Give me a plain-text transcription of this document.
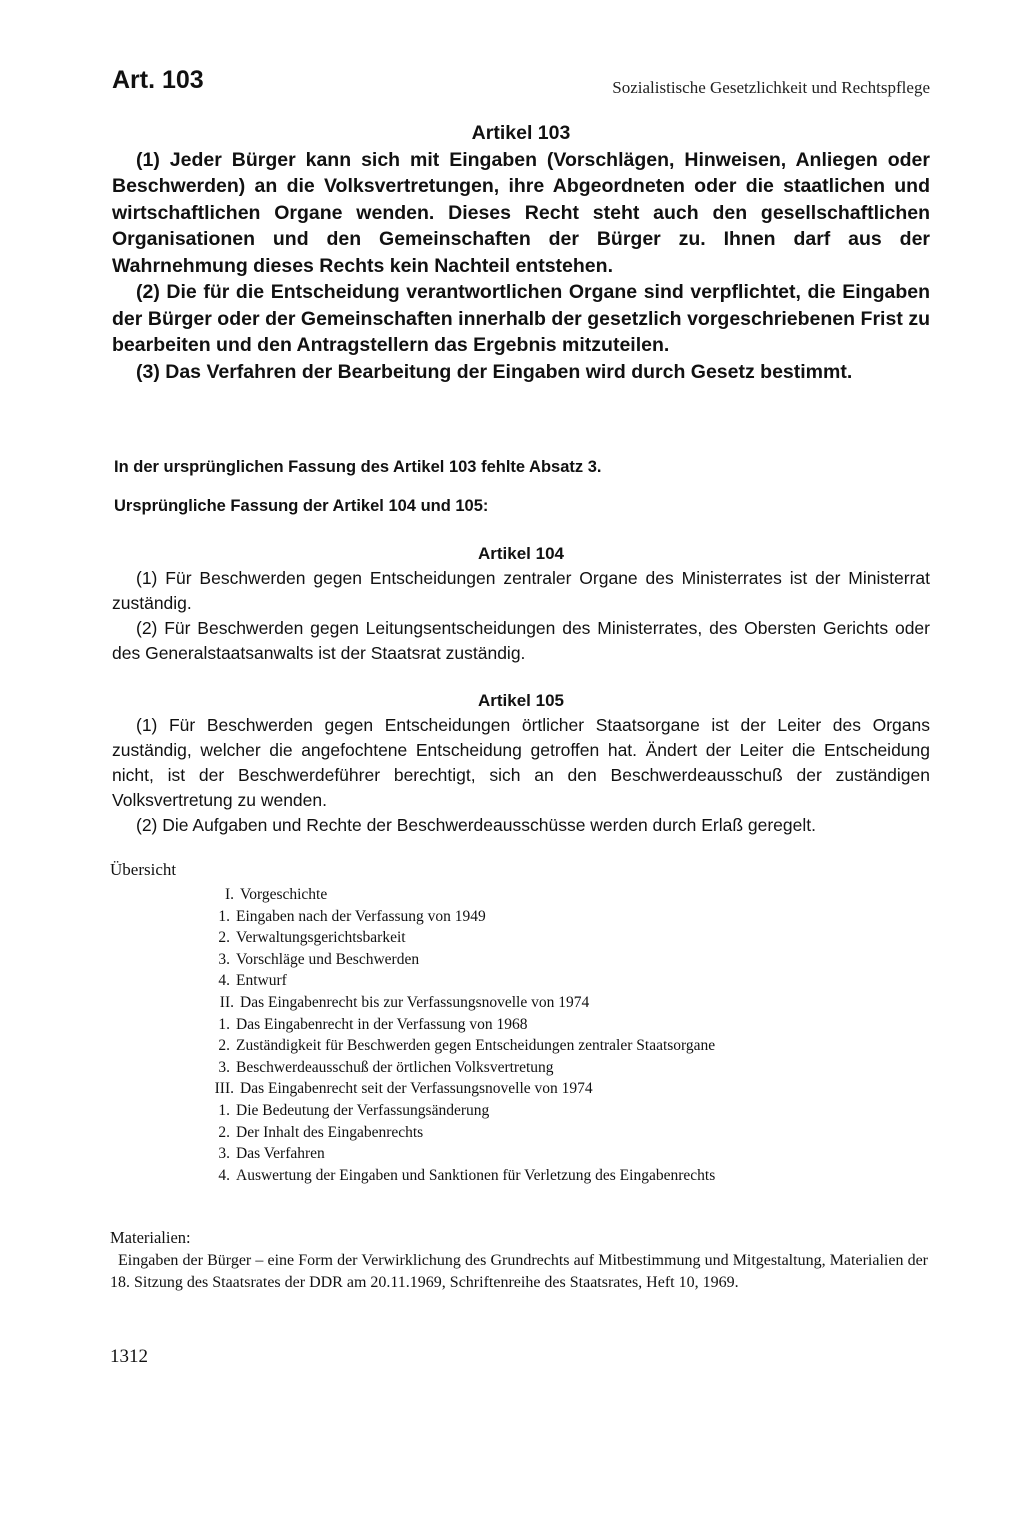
Art. 103	Sozialistische Gesetzlichkeit und Rechtspflege
Artikel 103

(1) Jeder Bürger kann sich mit Eingaben (Vorschlägen, Hinweisen, Anliegen oder Beschwerden) an die Volksvertretungen, ihre Abgeordneten oder die staatlichen und wirtschaftlichen Organe wenden. Dieses Recht steht auch den gesellschaftlichen Organisationen und den Gemeinschaften der Bürger zu. Ihnen darf aus der Wahrnehmung dieses Rechts kein Nachteil entstehen.

(2) Die für die Entscheidung verantwortlichen Organe sind verpflichtet, die Eingaben der Bürger oder der Gemeinschaften innerhalb der gesetzlich vorgeschriebenen Frist zu bearbeiten und den Antragstellern das Ergebnis mitzuteilen.

(3) Das Verfahren der Bearbeitung der Eingaben wird durch Gesetz bestimmt.

In der ursprünglichen Fassung des Artikel 103 fehlte Absatz 3.
Ursprüngliche Fassung der Artikel 104 und 105:
Artikel 104

(1) Für Beschwerden gegen Entscheidungen zentraler Organe des Ministerrates ist der Ministerrat zuständig.

(2) Für Beschwerden gegen Leitungsentscheidungen des Ministerrates, des Obersten Gerichts oder des Generalstaatsanwalts ist der Staatsrat zuständig.

Artikel 105

(1) Für Beschwerden gegen Entscheidungen örtlicher Staatsorgane ist der Leiter des Organs zuständig, welcher die angefochtene Entscheidung getroffen hat. Ändert der Leiter die Entscheidung nicht, ist der Beschwerdeführer berechtigt, sich an den Beschwerdeausschuß der zuständigen Volksvertretung zu wenden.

(2) Die Aufgaben und Rechte der Beschwerdeausschüsse werden durch Erlaß geregelt.

Übersicht
I. Vorgeschichte
1. Eingaben nach der Verfassung von 1949
2. Verwaltungsgerichtsbarkeit
3. Vorschläge und Beschwerden
4. Entwurf
II. Das Eingabenrecht bis zur Verfassungsnovelle von 1974
1. Das Eingabenrecht in der Verfassung von 1968
2. Zuständigkeit für Beschwerden gegen Entscheidungen zentraler Staatsorgane
3. Beschwerdeausschuß der örtlichen Volksvertretung
III. Das Eingabenrecht seit der Verfassungsnovelle von 1974
1. Die Bedeutung der Verfassungsänderung
2. Der Inhalt des Eingabenrechts
3. Das Verfahren
4. Auswertung der Eingaben und Sanktionen für Verletzung des Eingabenrechts
Materialien:
Eingaben der Bürger – eine Form der Verwirklichung des Grundrechts auf Mitbestimmung und Mitgestaltung, Materialien der 18. Sitzung des Staatsrates der DDR am 20.11.1969, Schriftenreihe des Staatsrates, Heft 10, 1969.
1312
